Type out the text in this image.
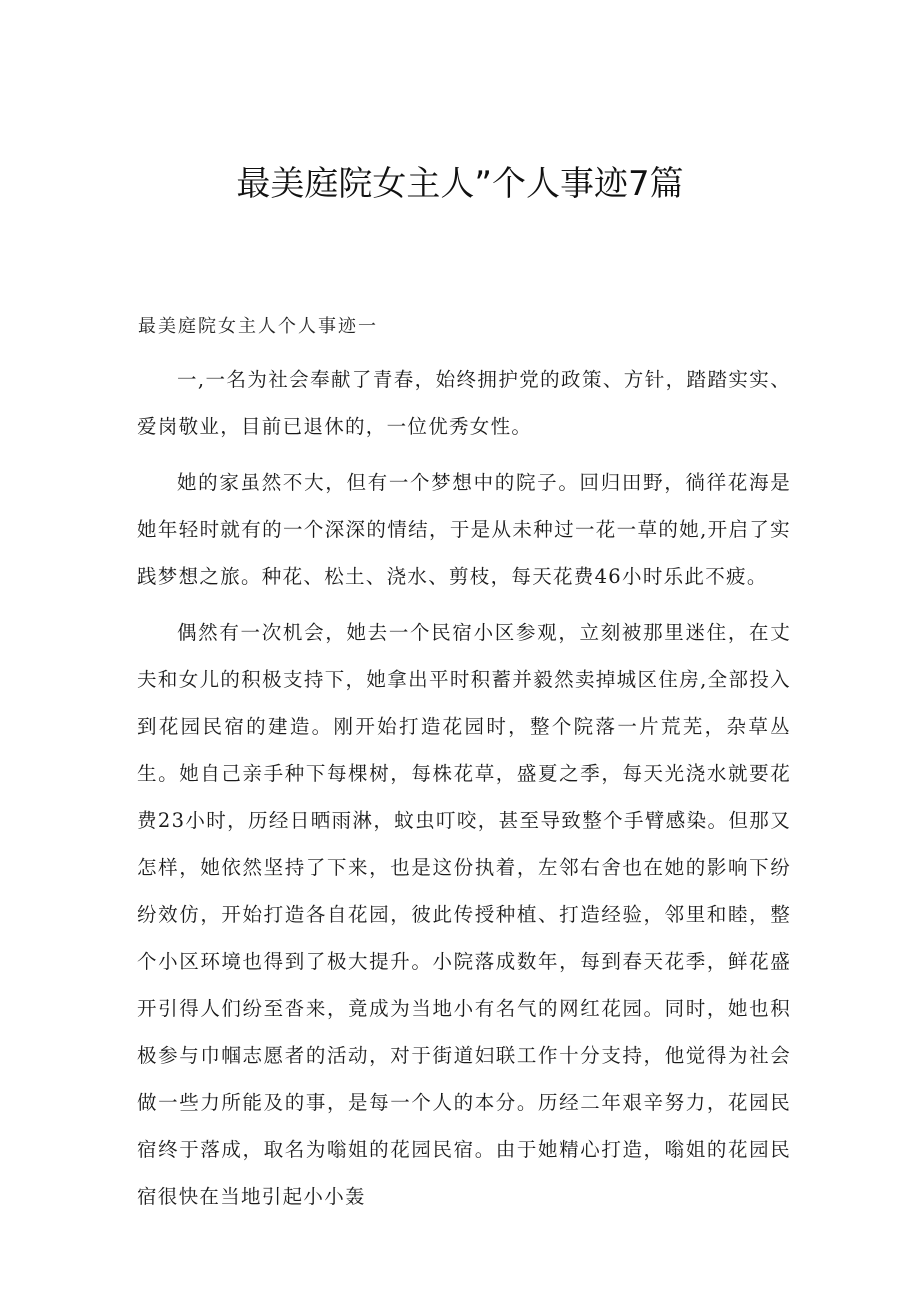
最美庭院女主人”个人事迹7篇
最美庭院女主人个人事迹一

一,一名为社会奉献了青春，始终拥护党的政策、方针，踏踏实实、爱岗敬业，目前已退休的，一位优秀女性。

她的家虽然不大，但有一个梦想中的院子。回归田野，徜徉花海是她年轻时就有的一个深深的情结，于是从未种过一花一草的她,开启了实践梦想之旅。种花、松土、浇水、剪枝，每天花费46小时乐此不疲。

偶然有一次机会，她去一个民宿小区参观，立刻被那里迷住，在丈夫和女儿的积极支持下，她拿出平时积蓄并毅然卖掉城区住房,全部投入到花园民宿的建造。刚开始打造花园时，整个院落一片荒芜，杂草丛生。她自己亲手种下每棵树，每株花草，盛夏之季，每天光浇水就要花费23小时，历经日晒雨淋，蚊虫叮咬，甚至导致整个手臂感染。但那又怎样，她依然坚持了下来，也是这份执着，左邻右舍也在她的影响下纷纷效仿，开始打造各自花园，彼此传授种植、打造经验，邻里和睦，整个小区环境也得到了极大提升。小院落成数年，每到春天花季，鲜花盛开引得人们纷至沓来，竟成为当地小有名气的网红花园。同时，她也积极参与巾帼志愿者的活动，对于街道妇联工作十分支持，他觉得为社会做一些力所能及的事，是每一个人的本分。历经二年艰辛努力，花园民宿终于落成，取名为嗡姐的花园民宿。由于她精心打造，嗡姐的花园民宿很快在当地引起小小轰
